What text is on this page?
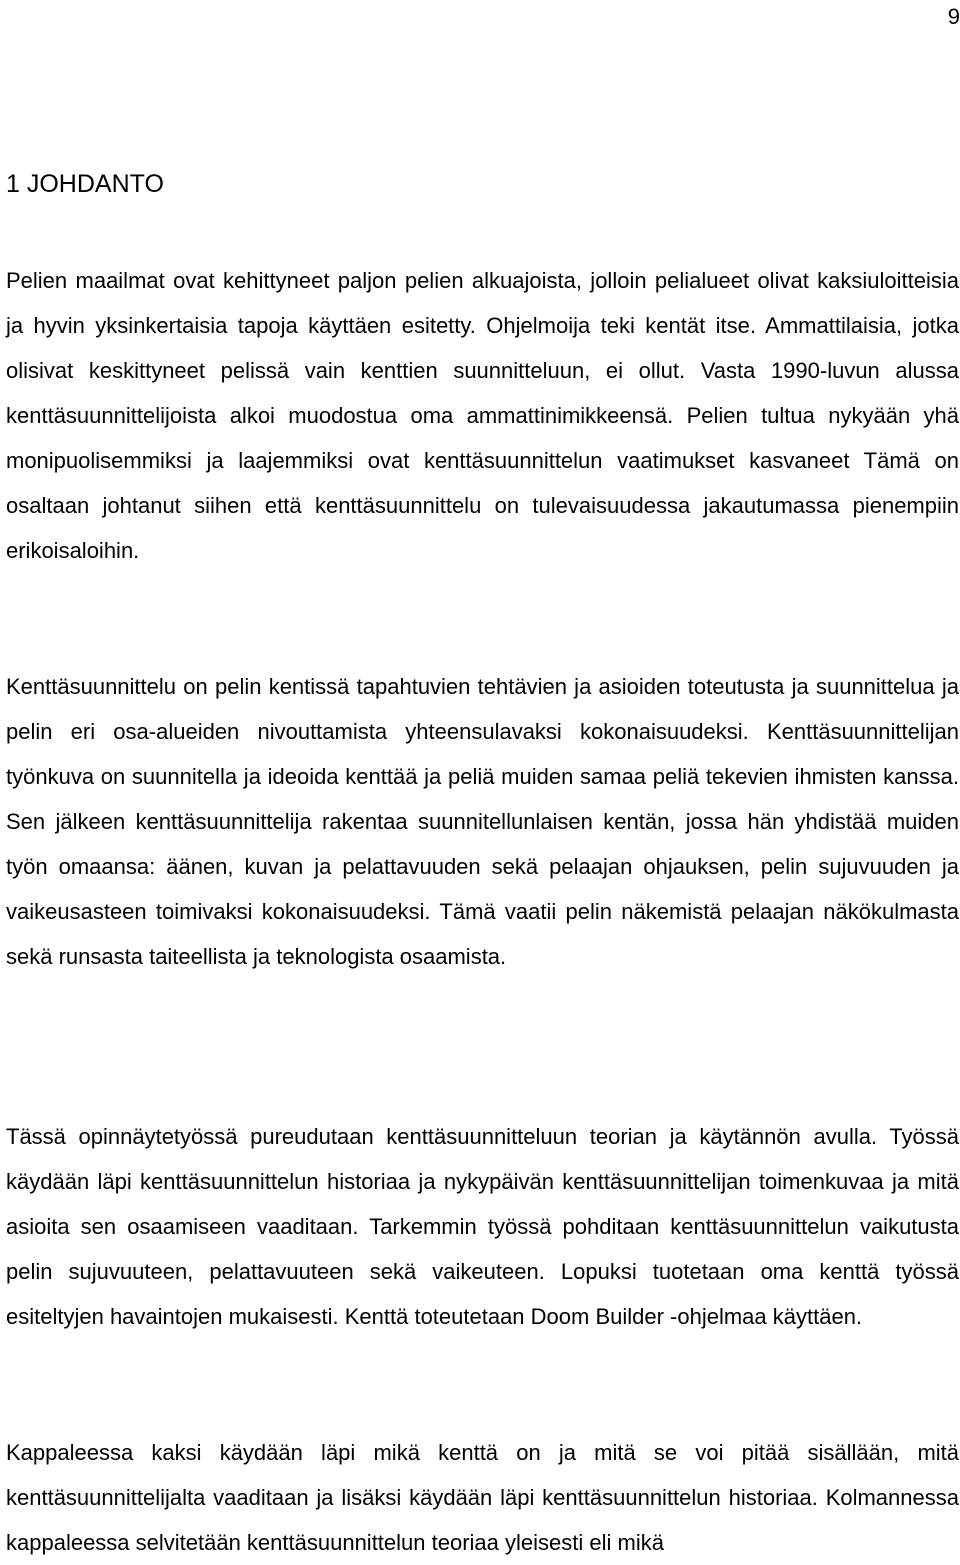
9
1 JOHDANTO

Pelien maailmat ovat kehittyneet paljon pelien alkuajoista, jolloin pelialueet olivat kaksiuloitteisia ja hyvin yksinkertaisia tapoja käyttäen esitetty. Ohjelmoija teki kentät itse. Ammattilaisia, jotka olisivat keskittyneet pelissä vain kenttien suunnitteluun, ei ollut. Vasta 1990-luvun alussa kenttäsuunnittelijoista alkoi muodostua oma ammattinimikkeensä. Pelien tultua nykyään yhä monipuolisemmiksi ja laajemmiksi ovat kenttäsuunnittelun vaatimukset kasvaneet Tämä on osaltaan johtanut siihen että kenttäsuunnittelu on tulevaisuudessa jakautumassa pienempiin erikoisaloihin.

Kenttäsuunnittelu on pelin kentissä tapahtuvien tehtävien ja asioiden toteutusta ja suunnittelua ja pelin eri osa-alueiden nivouttamista yhteensulavaksi kokonaisuudeksi. Kenttäsuunnittelijan työnkuva on suunnitella ja ideoida kenttää ja peliä muiden samaa peliä tekevien ihmisten kanssa. Sen jälkeen kenttäsuunnittelija rakentaa suunnitellunlaisen kentän, jossa hän yhdistää muiden työn omaansa: äänen, kuvan ja pelattavuuden sekä pelaajan ohjauksen, pelin sujuvuuden ja vaikeusasteen toimivaksi kokonaisuudeksi. Tämä vaatii pelin näkemistä pelaajan näkökulmasta sekä runsasta taiteellista ja teknologista osaamista.

Tässä opinnäytetyössä pureudutaan kenttäsuunnitteluun teorian ja käytännön avulla. Työssä käydään läpi kenttäsuunnittelun historiaa ja nykypäivän kenttäsuunnittelijan toimenkuvaa ja mitä asioita sen osaamiseen vaaditaan. Tarkemmin työssä pohditaan kenttäsuunnittelun vaikutusta pelin sujuvuuteen, pelattavuuteen sekä vaikeuteen. Lopuksi tuotetaan oma kenttä työssä esiteltyjen havaintojen mukaisesti. Kenttä toteutetaan Doom Builder -ohjelmaa käyttäen.

Kappaleessa kaksi käydään läpi mikä kenttä on ja mitä se voi pitää sisällään, mitä kenttäsuunnittelijalta vaaditaan ja lisäksi käydään läpi kenttäsuunnittelun historiaa. Kolmannessa kappaleessa selvitetään kenttäsuunnittelun teoriaa yleisesti eli mikä
